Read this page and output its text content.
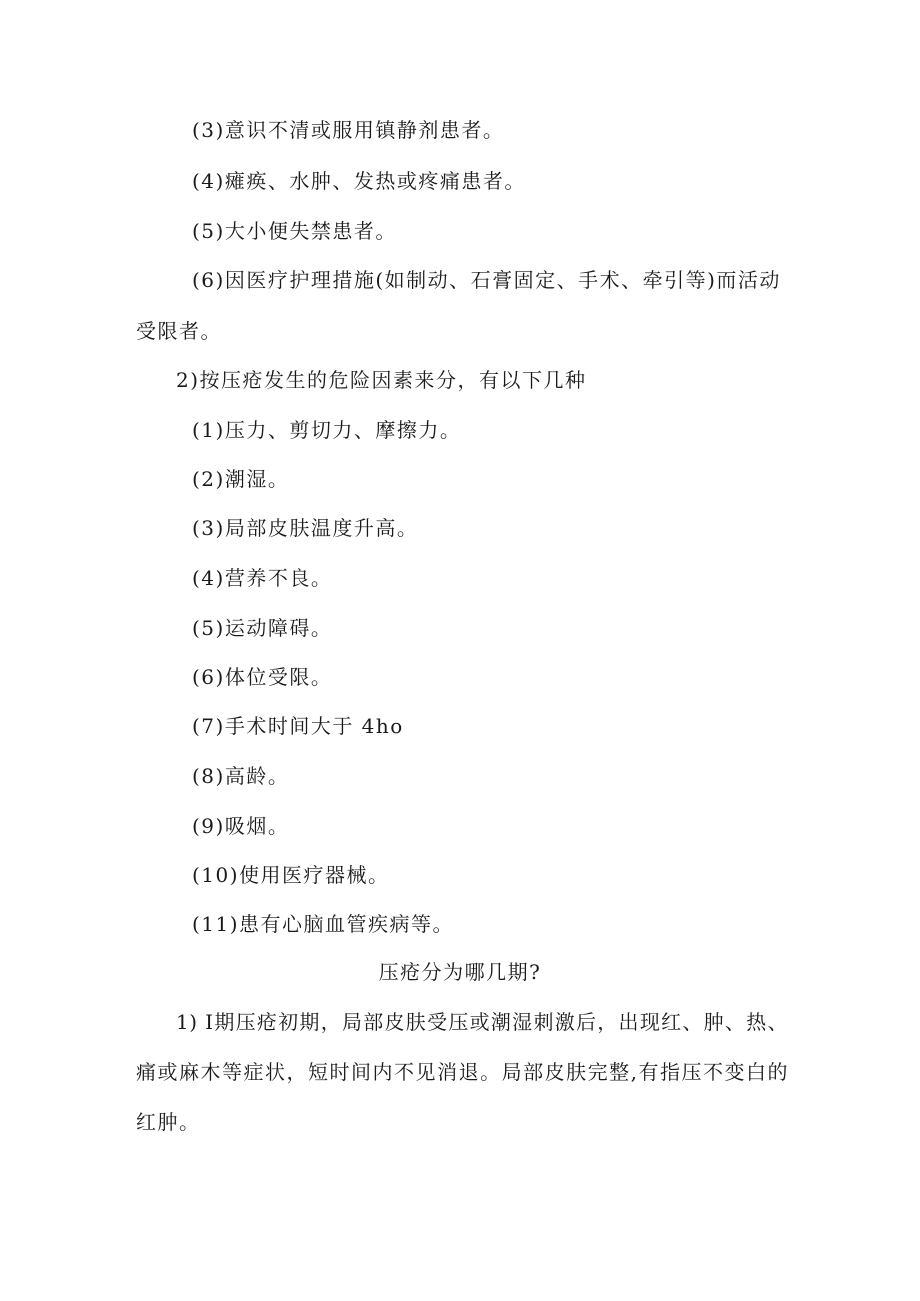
(3)意识不清或服用镇静剂患者。
(4)瘫痪、水肿、发热或疼痛患者。
(5)大小便失禁患者。
(6)因医疗护理措施(如制动、石膏固定、手术、牵引等)而活动
受限者。
2)按压疮发生的危险因素来分，有以下几种
(1)压力、剪切力、摩擦力。
(2)潮湿。
(3)局部皮肤温度升高。
(4)营养不良。
(5)运动障碍。
(6)体位受限。
(7)手术时间大于 4ho
(8)高龄。
(9)吸烟。
(10)使用医疗器械。
(11)患有心脑血管疾病等。
压疮分为哪几期?
1) Ⅰ期压疮初期，局部皮肤受压或潮湿刺激后，出现红、肿、热、
痛或麻木等症状，短时间内不见消退。局部皮肤完整,有指压不变白的
红肿。
